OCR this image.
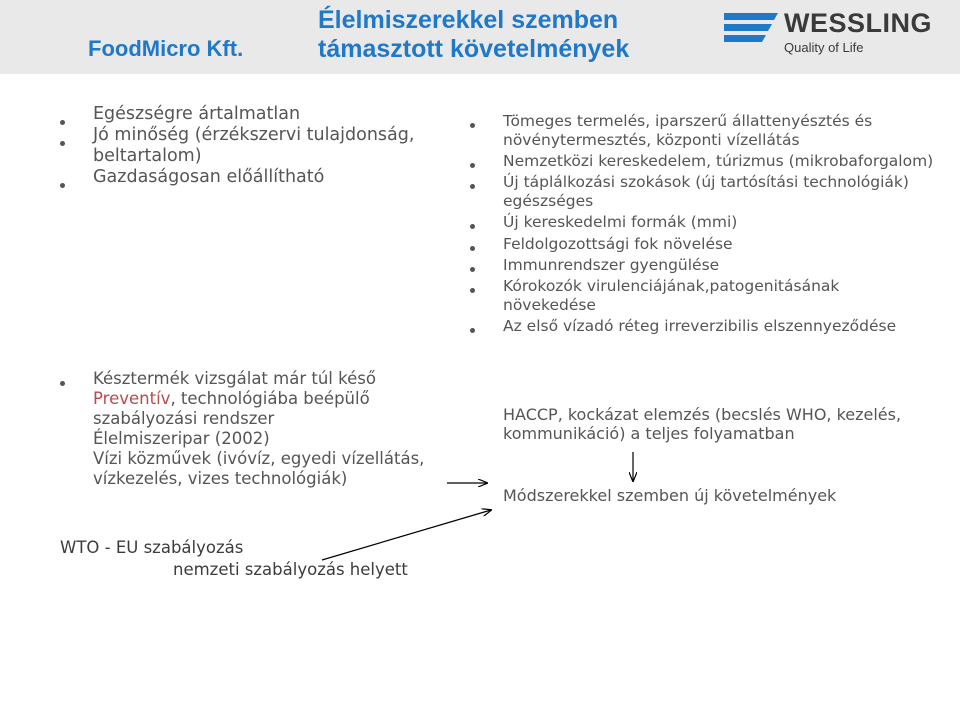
FoodMicro Kft.
Élelmiszerekkel szemben
támasztott követelmények
WESSLING
Quality of Life
Egészségre ártalmatlan
Jó minőség (érzékszervi tulajdonság, beltartalom)
Gazdaságosan előállítható
Késztermék vizsgálat már túl késő
Preventív, technológiába beépülő szabályozási rendszer
Élelmiszeripar (2002)
Vízi közművek (ivóvíz, egyedi vízellátás, vízkezelés, vizes technológiák)
Tömeges termelés, iparszerű állattenyésztés és növénytermesztés, központi vízellátás
Nemzetközi kereskedelem, túrizmus (mikrobaforgalom)
Új táplálkozási szokások (új tartósítási technológiák) egészséges
Új kereskedelmi formák (mmi)
Feldolgozottsági fok növelése
Immunrendszer gyengülése
Kórokozók virulenciájának,patogenitásának növekedése
Az első vízadó réteg irreverzibilis elszennyeződése
HACCP, kockázat elemzés (becslés WHO, kezelés, kommunikáció) a teljes folyamatban
Módszerekkel szemben új követelmények
WTO - EU szabályozás
nemzeti szabályozás helyett
